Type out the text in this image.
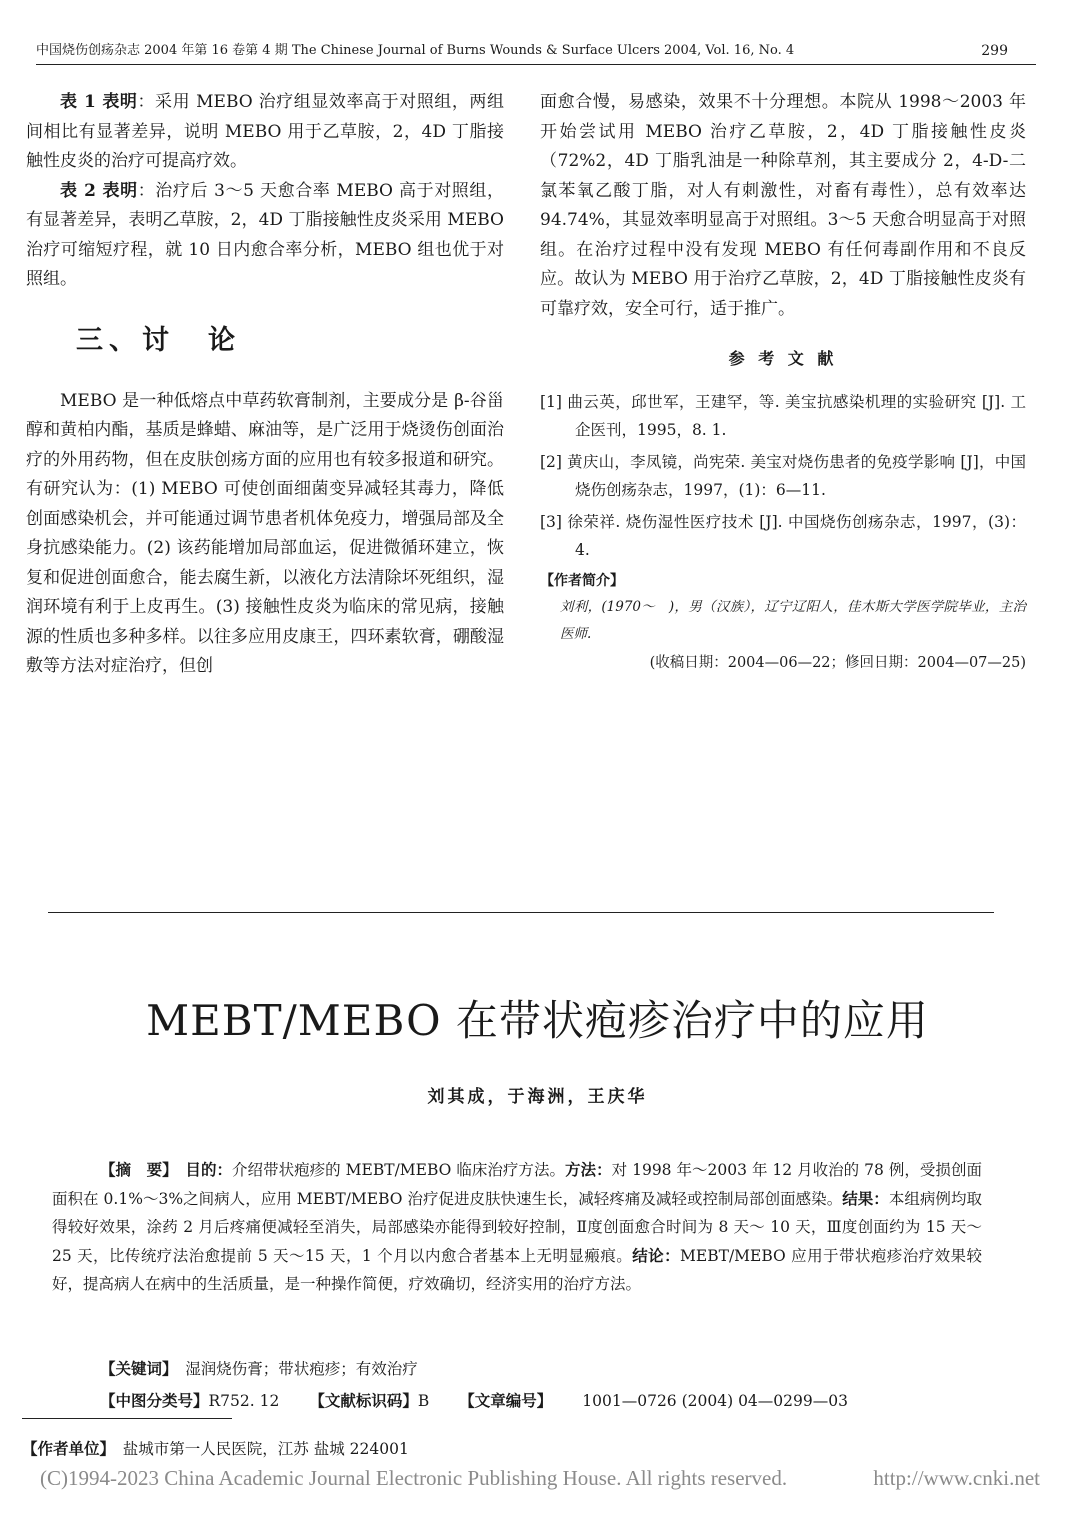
中国烧伤创疡杂志 2004 年第 16 卷第 4 期 The Chinese Journal of Burns Wounds & Surface Ulcers 2004, Vol. 16, No. 4	299

表 1 表明：采用 MEBO 治疗组显效率高于对照组，两组间相比有显著差异，说明 MEBO 用于乙草胺，2，4D 丁脂接触性皮炎的治疗可提高疗效。

表 2 表明：治疗后 3～5 天愈合率 MEBO 高于对照组，有显著差异，表明乙草胺，2，4D 丁脂接触性皮炎采用 MEBO 治疗可缩短疗程，就 10 日内愈合率分析，MEBO 组也优于对照组。

三、讨　论

MEBO 是一种低熔点中草药软膏制剂，主要成分是 β-谷甾醇和黄柏内酯，基质是蜂蜡、麻油等，是广泛用于烧烫伤创面治疗的外用药物，但在皮肤创疡方面的应用也有较多报道和研究。有研究认为：(1) MEBO 可使创面细菌变异减轻其毒力，降低创面感染机会，并可能通过调节患者机体免疫力，增强局部及全身抗感染能力。(2) 该药能增加局部血运，促进微循环建立，恢复和促进创面愈合，能去腐生新，以液化方法清除坏死组织，湿润环境有利于上皮再生。(3) 接触性皮炎为临床的常见病，接触源的性质也多种多样。以往多应用皮康王，四环素软膏，硼酸湿敷等方法对症治疗，但创

面愈合慢，易感染，效果不十分理想。本院从 1998～2003 年开始尝试用 MEBO 治疗乙草胺，2，4D 丁脂接触性皮炎（72%2，4D 丁脂乳油是一种除草剂，其主要成分 2，4-D-二氯苯氧乙酸丁脂，对人有刺激性，对畜有毒性），总有效率达 94.74%，其显效率明显高于对照组。3～5 天愈合明显高于对照组。在治疗过程中没有发现 MEBO 有任何毒副作用和不良反应。故认为 MEBO 用于治疗乙草胺，2，4D 丁脂接触性皮炎有可靠疗效，安全可行，适于推广。

参 考 文 献

[1] 曲云英，邱世军，王建罕，等. 美宝抗感染机理的实验研究 [J]. 工企医刊，1995，8. 1.

[2] 黄庆山，李凤镜，尚宪荣. 美宝对烧伤患者的免疫学影响 [J]，中国烧伤创疡杂志，1997，(1)：6—11.

[3] 徐荣祥. 烧伤湿性医疗技术 [J]. 中国烧伤创疡杂志，1997，(3)：4.

【作者简介】

刘利，(1970～　)，男（汉族），辽宁辽阳人，佳木斯大学医学院毕业，主治医师.

(收稿日期：2004—06—22；修回日期：2004—07—25)

MEBT/MEBO 在带状疱疹治疗中的应用
刘其成，于海洲，王庆华

【摘　要】　 目的：介绍带状疱疹的 MEBT/MEBO 临床治疗方法。方法：对 1998 年～2003 年 12 月收治的 78 例，受损创面面积在 0.1%～3%之间病人，应用 MEBT/MEBO 治疗促进皮肤快速生长，减轻疼痛及减轻或控制局部创面感染。结果：本组病例均取得较好效果，涂药 2 月后疼痛便减轻至消失，局部感染亦能得到较好控制，Ⅱ度创面愈合时间为 8 天～ 10 天，Ⅲ度创面约为 15 天～25 天，比传统疗法治愈提前 5 天～15 天，1 个月以内愈合者基本上无明显瘢痕。结论：MEBT/MEBO 应用于带状疱疹治疗效果较好，提高病人在病中的生活质量，是一种操作简便，疗效确切，经济实用的治疗方法。

【关键词】　 湿润烧伤膏；带状疱疹；有效治疗
【中图分类号】R752. 12 【文献标识码】B 【文章编号】 1001—0726 (2004) 04—0299—03
【作者单位】　 盐城市第一人民医院，江苏 盐城 224001
(C)1994-2023 China Academic Journal Electronic Publishing House. All rights reserved.	http://www.cnki.net
